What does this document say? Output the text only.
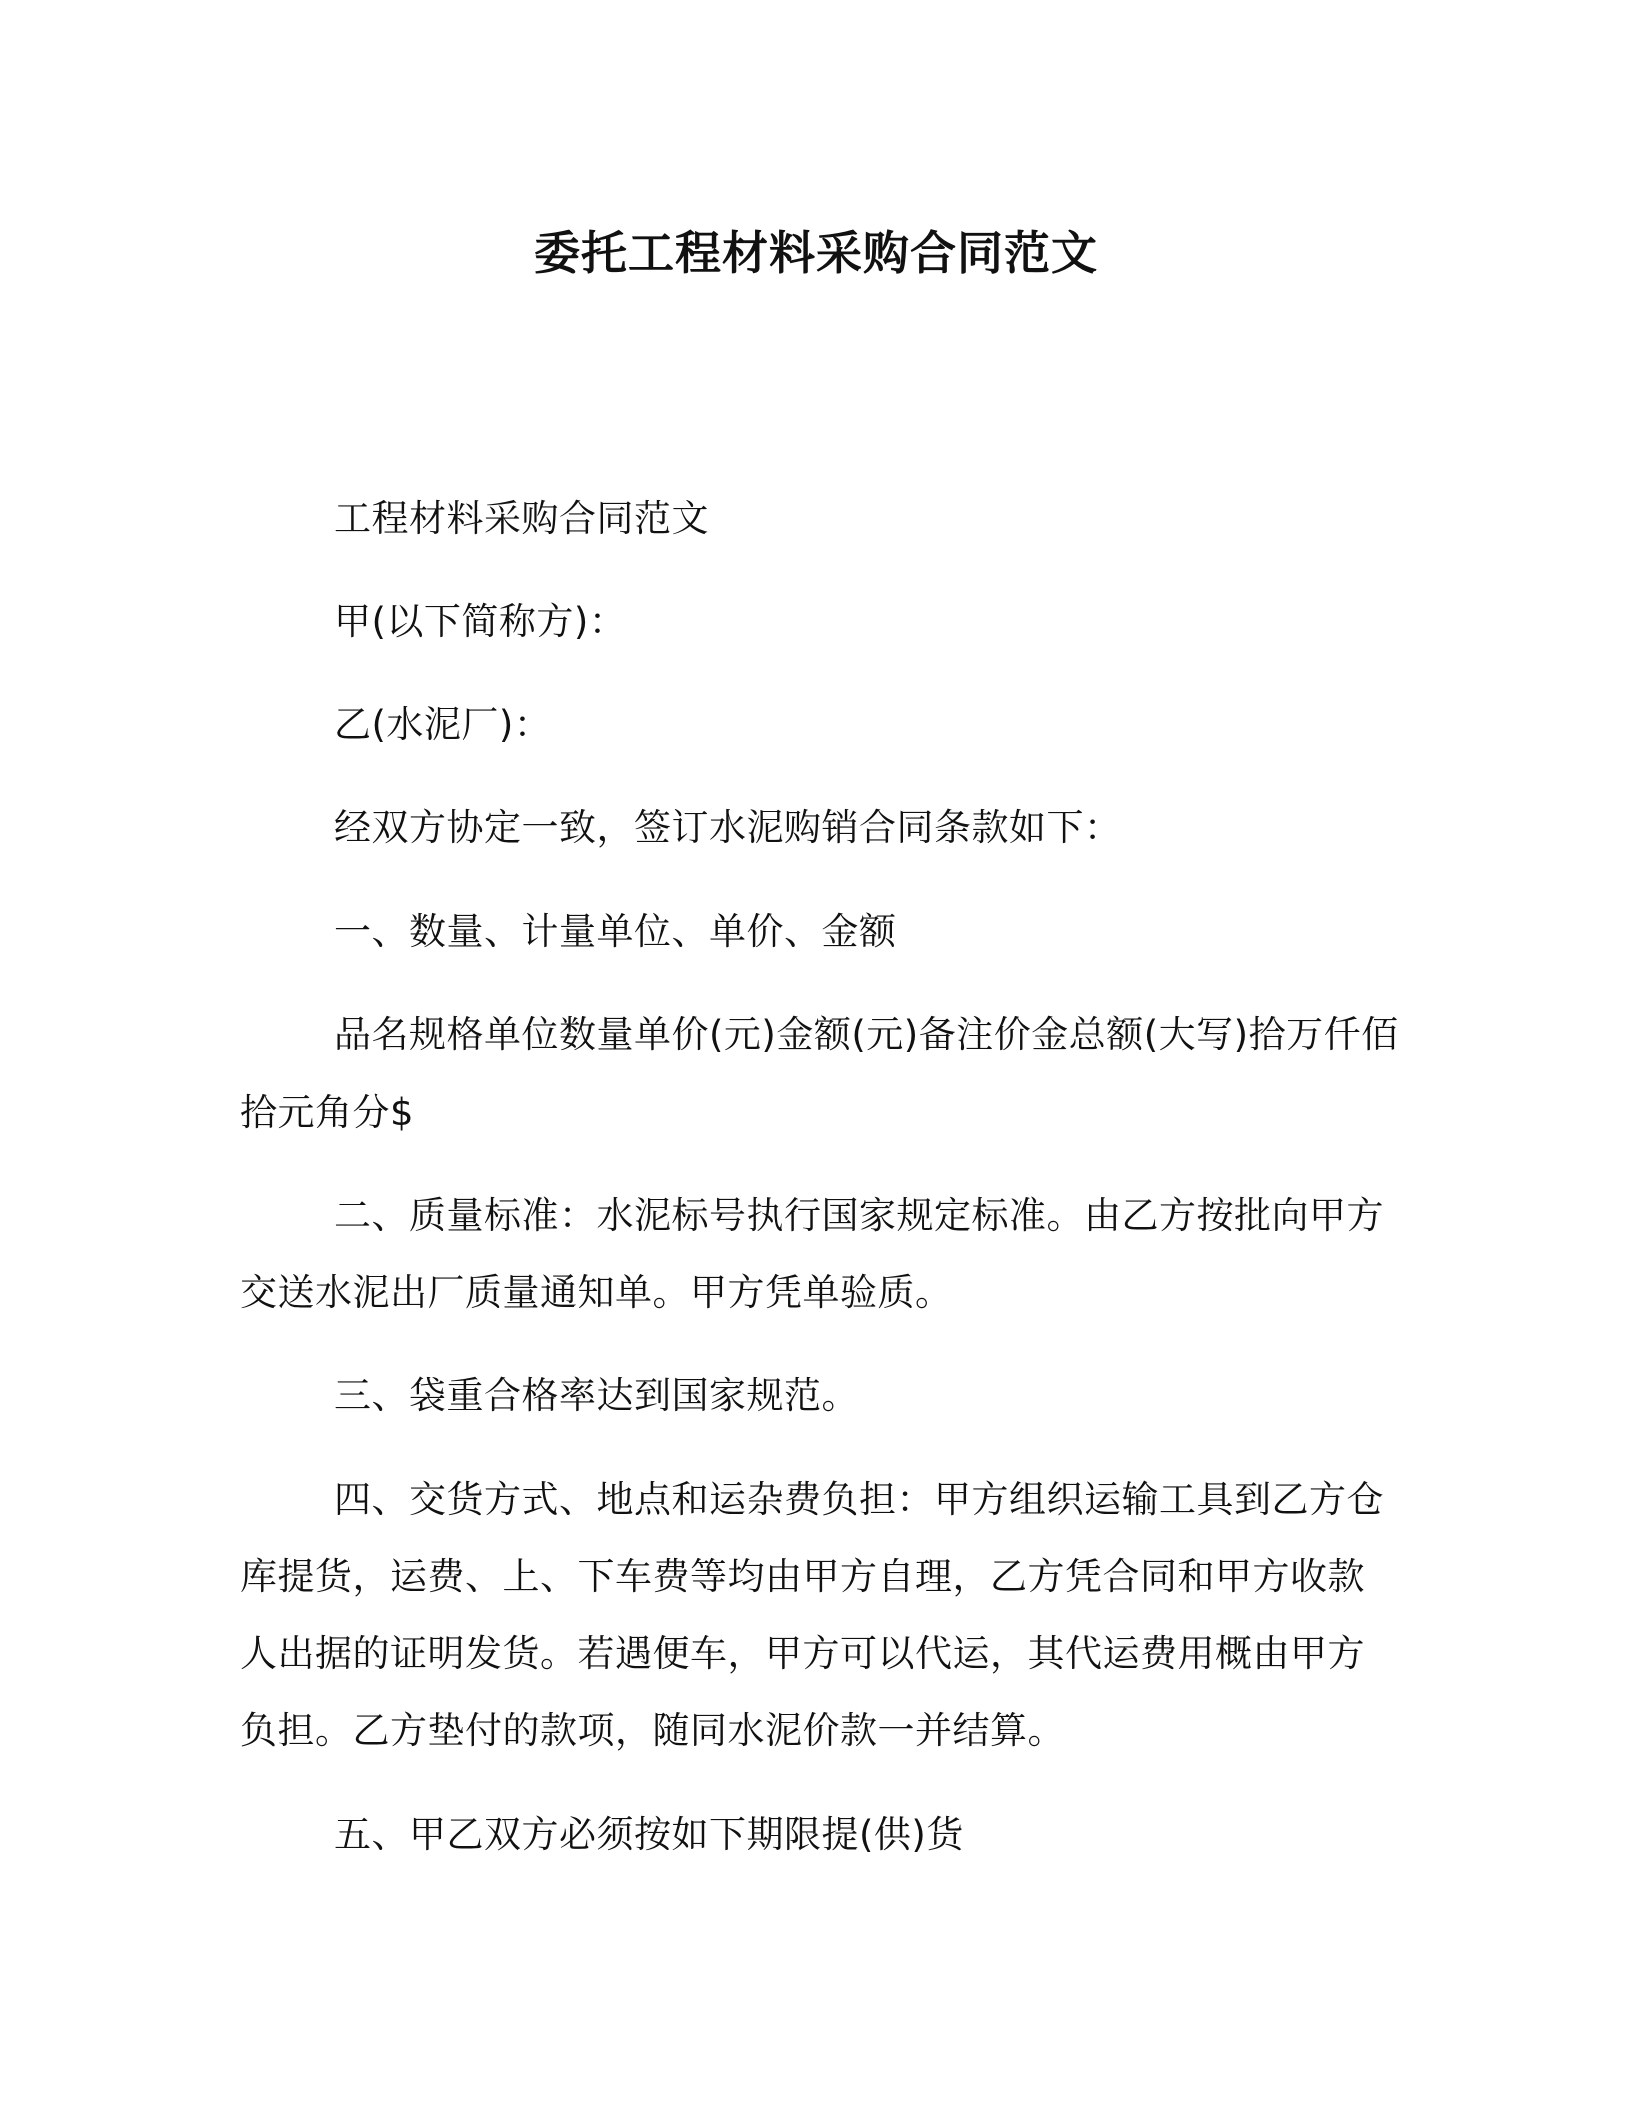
委托工程材料采购合同范文
工程材料采购合同范文
甲(以下简称方)：
乙(水泥厂)：
经双方协定一致，签订水泥购销合同条款如下：
一、数量、计量单位、单价、金额
品名规格单位数量单价(元)金额(元)备注价金总额(大写)拾万仟佰
拾元角分$
二、质量标准：水泥标号执行国家规定标准。由乙方按批向甲方
交送水泥出厂质量通知单。甲方凭单验质。
三、袋重合格率达到国家规范。
四、交货方式、地点和运杂费负担：甲方组织运输工具到乙方仓
库提货，运费、上、下车费等均由甲方自理，乙方凭合同和甲方收款
人出据的证明发货。若遇便车，甲方可以代运，其代运费用概由甲方
负担。乙方垫付的款项，随同水泥价款一并结算。
五、甲乙双方必须按如下期限提(供)货
